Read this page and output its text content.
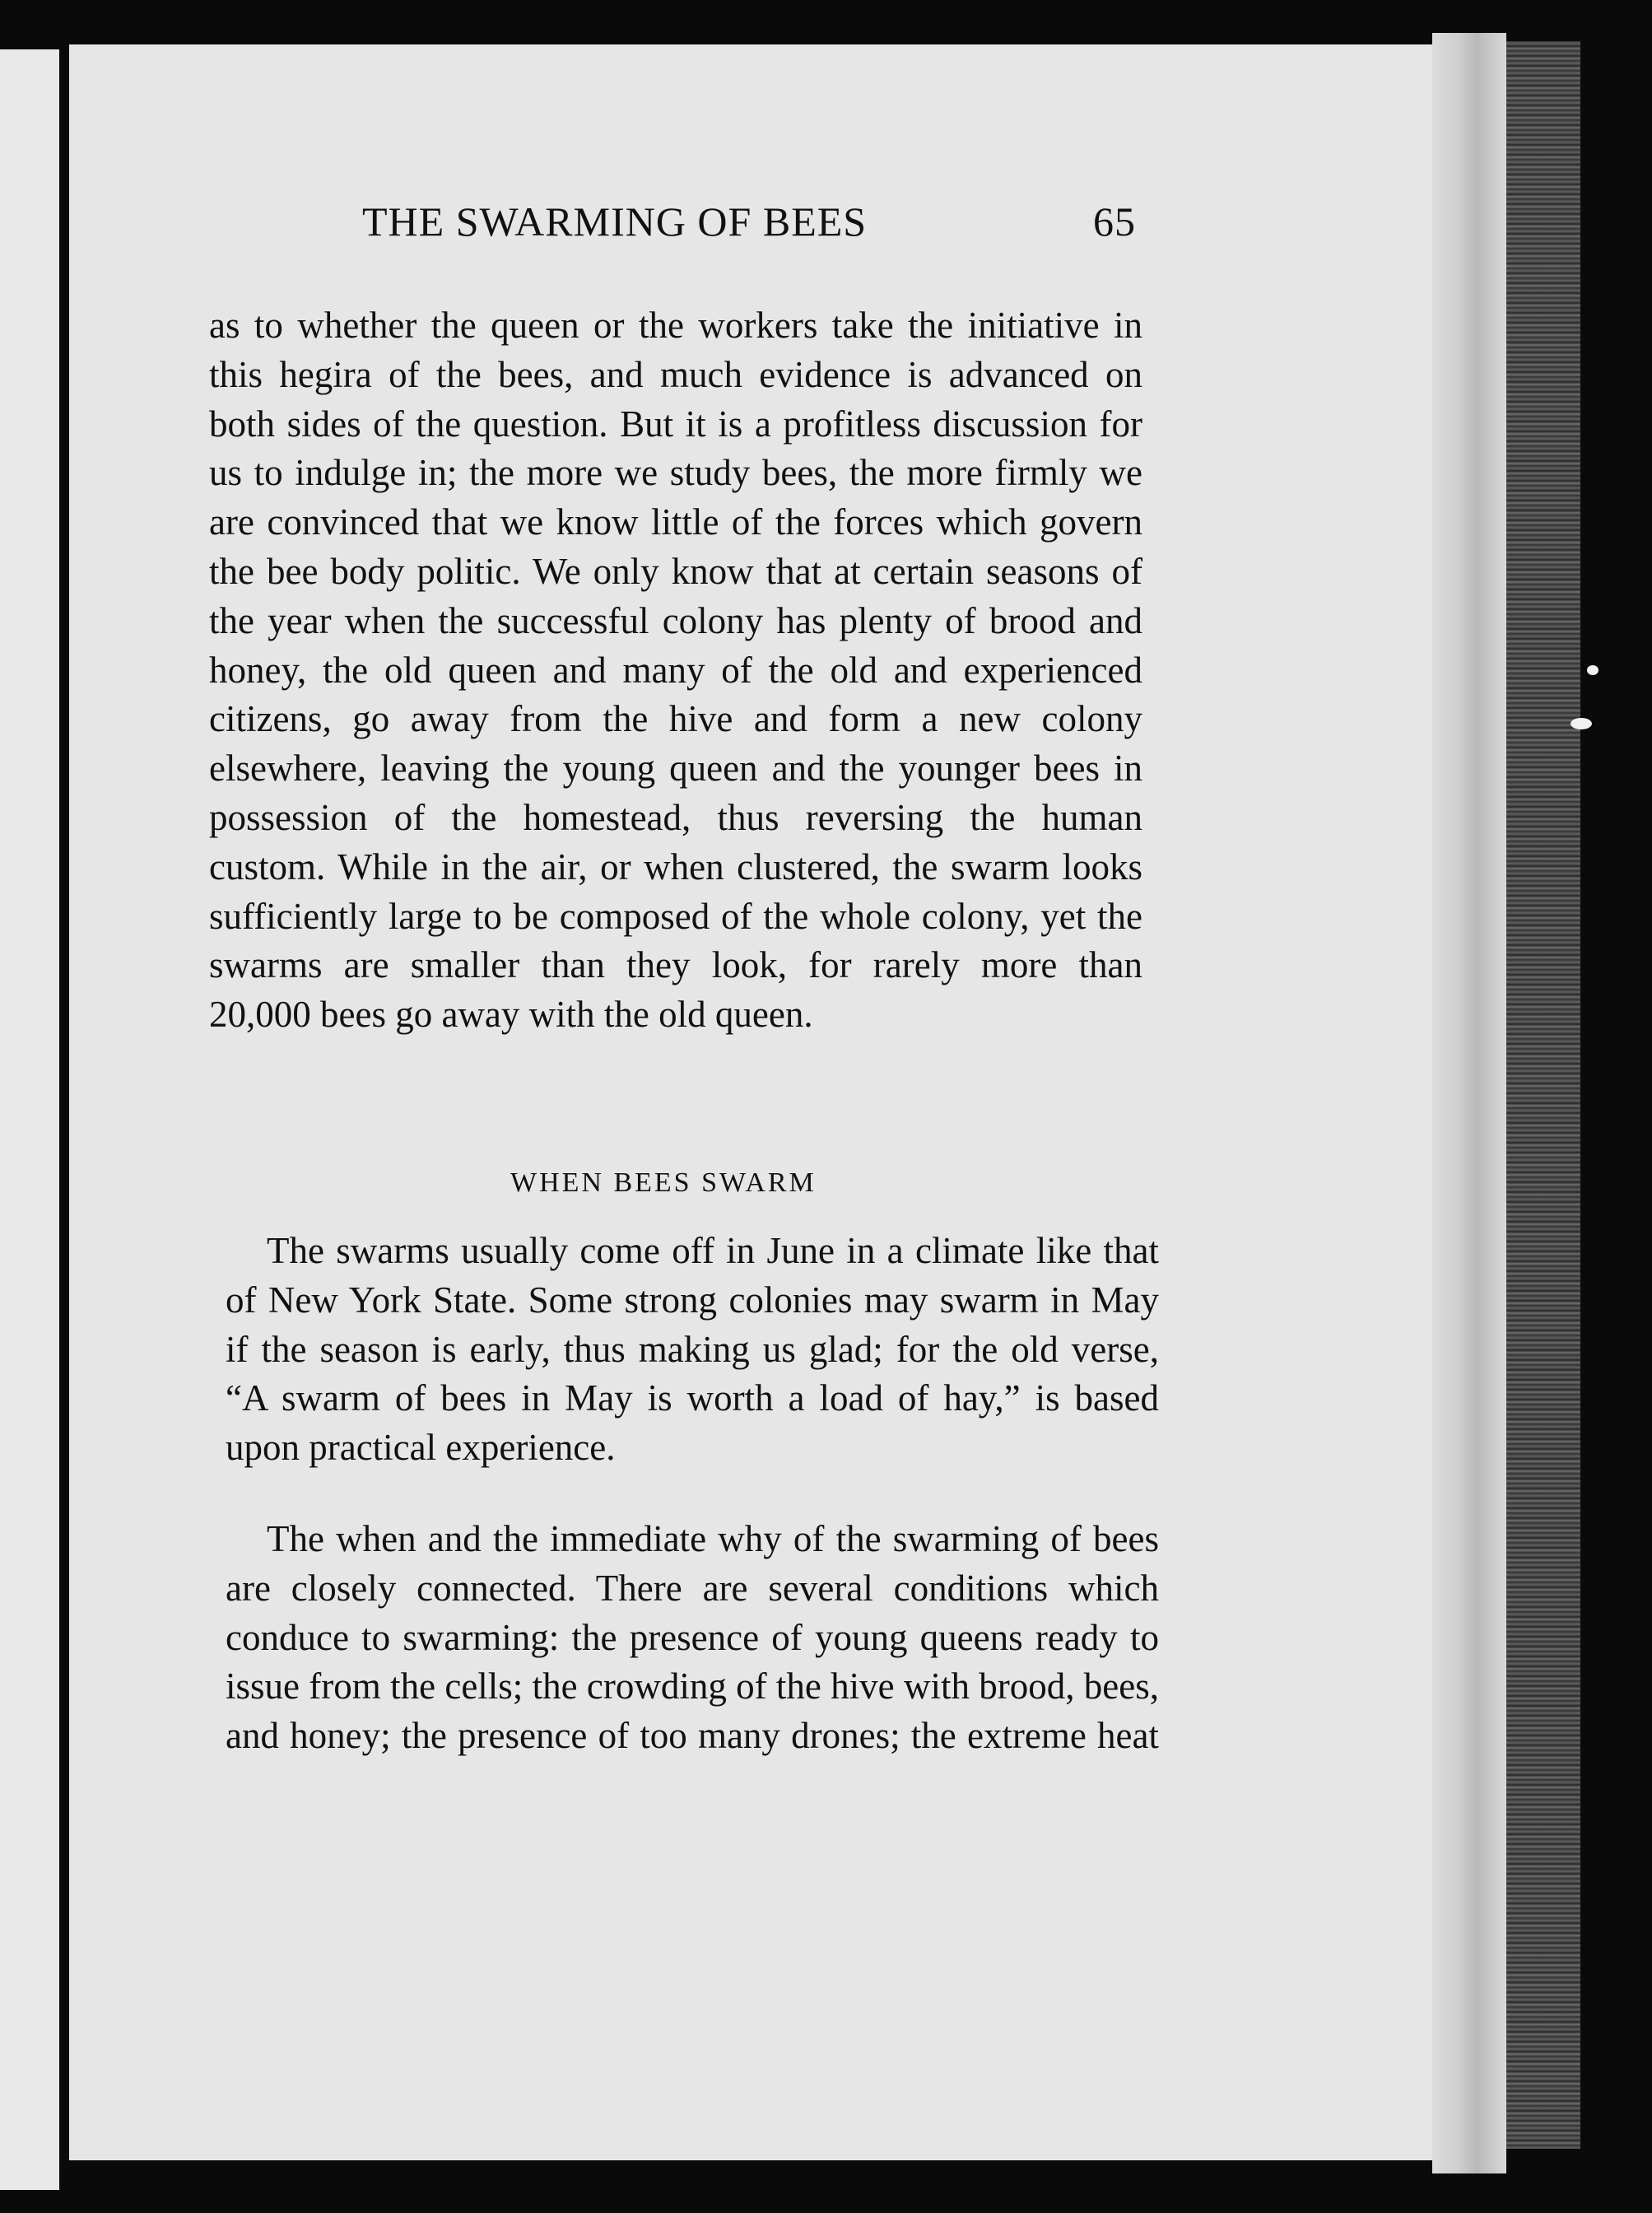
THE SWARMING OF BEES	65

as to whether the queen or the workers take the initiative in this hegira of the bees, and much evidence is advanced on both sides of the question. But it is a profitless discussion for us to indulge in; the more we study bees, the more firmly we are convinced that we know little of the forces which govern the bee body politic. We only know that at certain seasons of the year when the successful colony has plenty of brood and honey, the old queen and many of the old and experienced citizens, go away from the hive and form a new colony elsewhere, leaving the young queen and the younger bees in possession of the homestead, thus reversing the human custom. While in the air, or when clustered, the swarm looks sufficiently large to be composed of the whole colony, yet the swarms are smaller than they look, for rarely more than 20,000 bees go away with the old queen.

WHEN BEES SWARM

The swarms usually come off in June in a climate like that of New York State. Some strong colonies may swarm in May if the season is early, thus making us glad; for the old verse, “A swarm of bees in May is worth a load of hay,” is based upon practical experience.

The when and the immediate why of the swarming of bees are closely connected. There are several conditions which conduce to swarming: the presence of young queens ready to issue from the cells; the crowding of the hive with brood, bees, and honey; the presence of too many drones; the extreme heat
